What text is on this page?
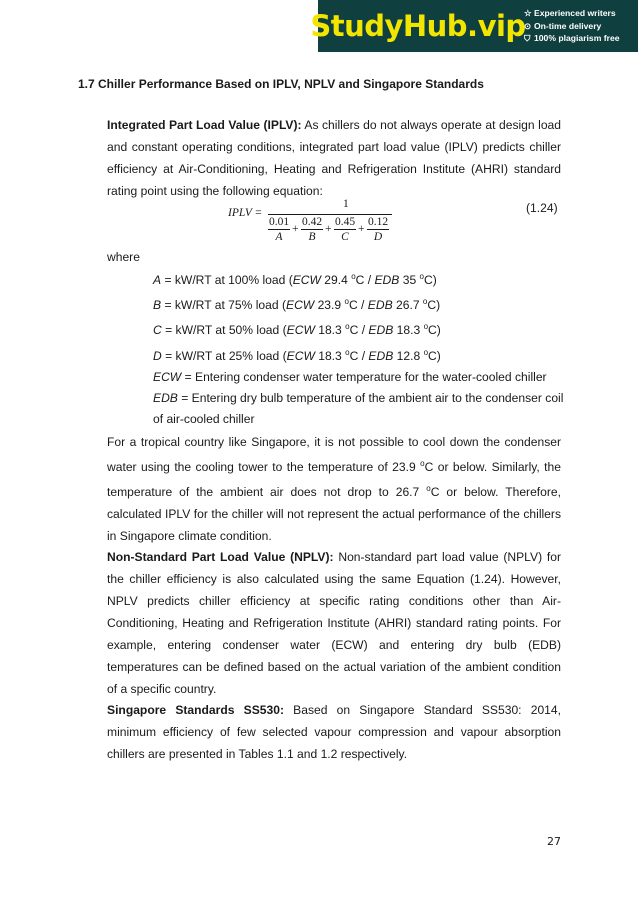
StudyHub.vip
☆ Experienced writers
⊙ On-time delivery
⛉ 100% plagiarism free
1.7 Chiller Performance Based on IPLV, NPLV and Singapore Standards

Integrated Part Load Value (IPLV): As chillers do not always operate at design load and constant operating conditions, integrated part load value (IPLV) predicts chiller efficiency at Air-Conditioning, Heating and Refrigeration Institute (AHRI) standard rating point using the following equation:

IPLV =
1
0.01
A
+
0.42
B
+
0.45
C
+
0.12
D
(1.24)
where
A = kW/RT at 100% load (ECW 29.4 $^o$C / EDB 35 $^o$C)
B = kW/RT at 75% load (ECW 23.9 $^o$C / EDB 26.7 $^o$C)
C = kW/RT at 50% load (ECW 18.3 $^o$C / EDB 18.3 $^o$C)
D = kW/RT at 25% load (ECW 18.3 $^o$C / EDB 12.8 $^o$C)
ECW = Entering condenser water temperature for the water-cooled chiller
EDB = Entering dry bulb temperature of the ambient air to the condenser coil
of air-cooled chiller

For a tropical country like Singapore, it is not possible to cool down the condenser water using the cooling tower to the temperature of 23.9 $^o$C or below. Similarly, the temperature of the ambient air does not drop to 26.7 $^o$C or below. Therefore, calculated IPLV for the chiller will not represent the actual performance of the chillers in Singapore climate condition.

Non-Standard Part Load Value (NPLV): Non-standard part load value (NPLV) for the chiller efficiency is also calculated using the same Equation (1.24). However, NPLV predicts chiller efficiency at specific rating conditions other than Air-Conditioning, Heating and Refrigeration Institute (AHRI) standard rating points. For example, entering condenser water (ECW) and entering dry bulb (EDB) temperatures can be defined based on the actual variation of the ambient condition of a specific country.

Singapore Standards SS530: Based on Singapore Standard SS530: 2014, minimum efficiency of few selected vapour compression and vapour absorption chillers are presented in Tables 1.1 and 1.2 respectively.

27
